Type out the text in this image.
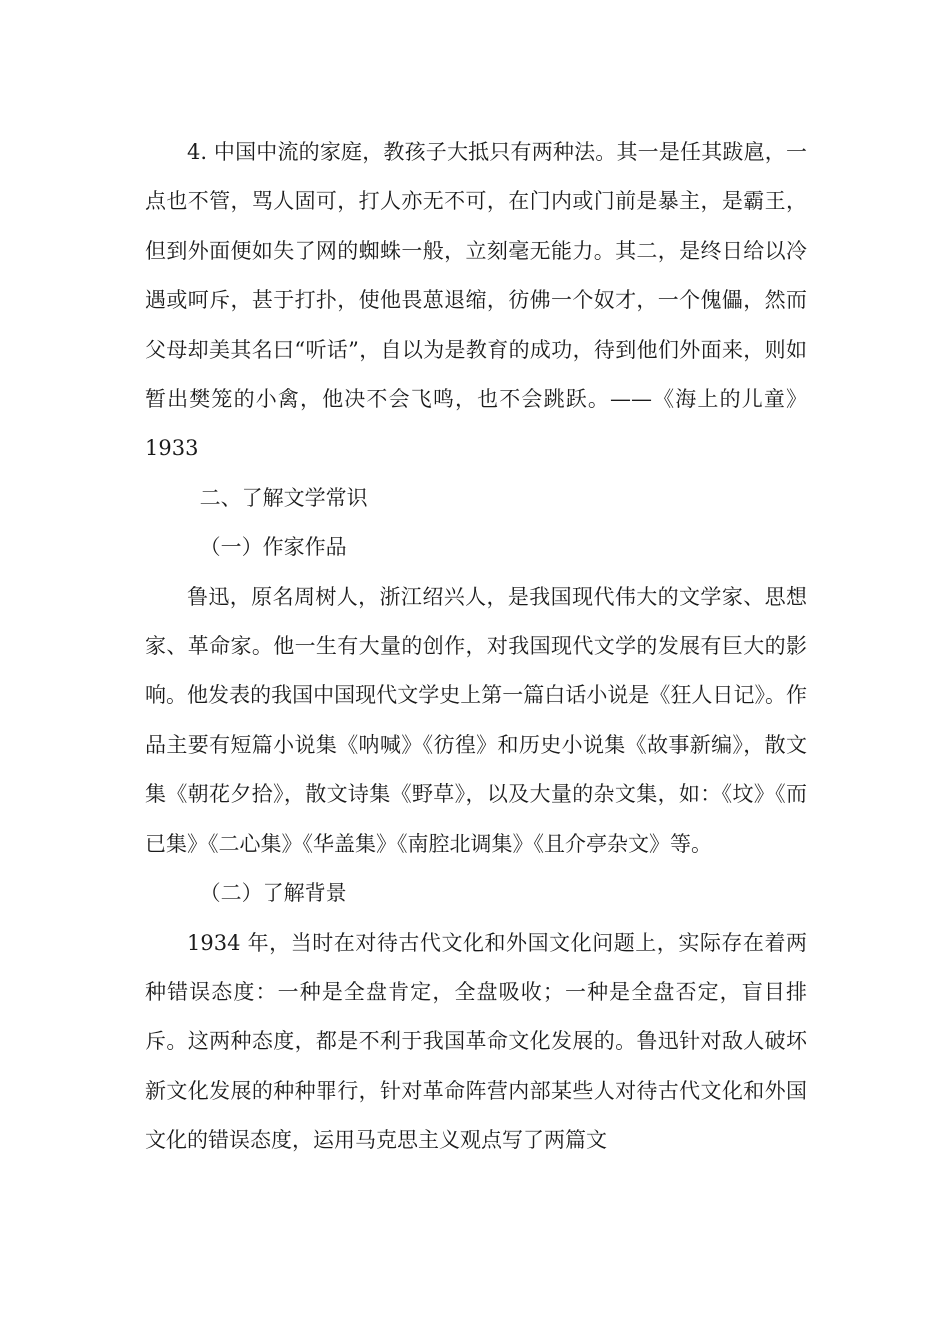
4. 中国中流的家庭，教孩子大抵只有两种法。其一是任其跋扈，一点也不管，骂人固可，打人亦无不可，在门内或门前是暴主，是霸王，但到外面便如失了网的蜘蛛一般，立刻毫无能力。其二，是终日给以冷遇或呵斥，甚于打扑，使他畏葸退缩，彷佛一个奴才，一个傀儡，然而父母却美其名曰“听话”，自以为是教育的成功，待到他们外面来，则如暂出樊笼的小禽，他决不会飞鸣，也不会跳跃。——《海上的儿童》1933

二、了解文学常识

（一）作家作品

鲁迅，原名周树人，浙江绍兴人，是我国现代伟大的文学家、思想家、革命家。他一生有大量的创作，对我国现代文学的发展有巨大的影响。他发表的我国中国现代文学史上第一篇白话小说是《狂人日记》。作品主要有短篇小说集《呐喊》《彷徨》和历史小说集《故事新编》，散文集《朝花夕拾》，散文诗集《野草》，以及大量的杂文集，如：《坟》《而已集》《二心集》《华盖集》《南腔北调集》《且介亭杂文》等。

（二）了解背景

1934 年，当时在对待古代文化和外国文化问题上，实际存在着两种错误态度：一种是全盘肯定，全盘吸收；一种是全盘否定，盲目排斥。这两种态度，都是不利于我国革命文化发展的。鲁迅针对敌人破坏新文化发展的种种罪行，针对革命阵营内部某些人对待古代文化和外国文化的错误态度，运用马克思主义观点写了两篇文
